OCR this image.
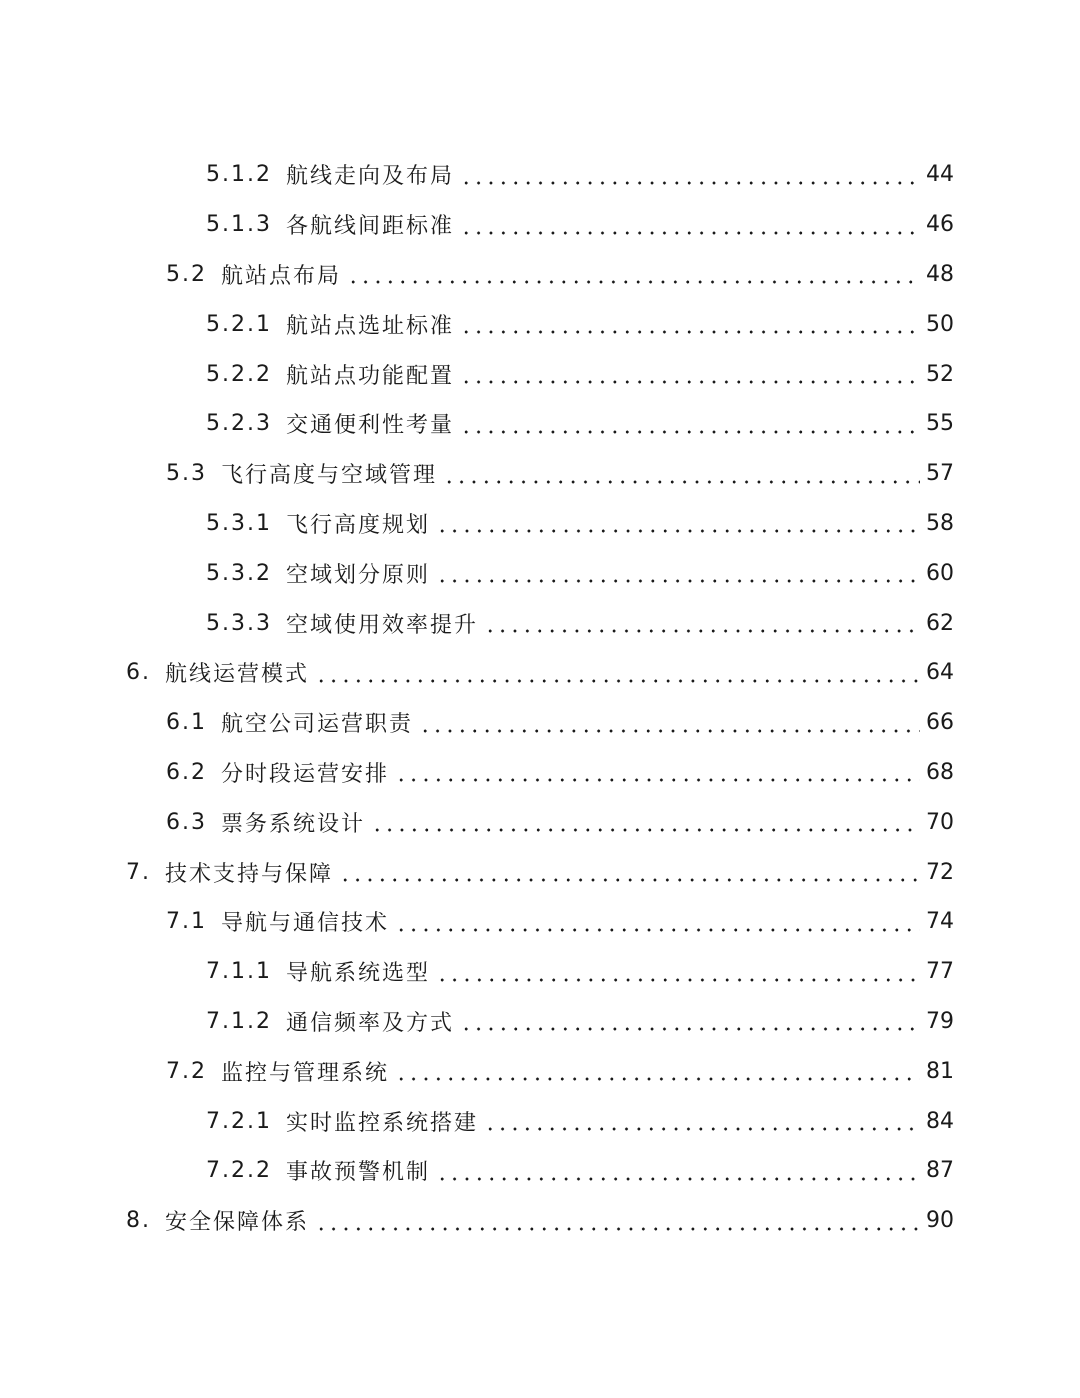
5.1.2 航线走向及布局	44
5.1.3 各航线间距标准	46
5.2 航站点布局	48
5.2.1 航站点选址标准	50
5.2.2 航站点功能配置	52
5.2.3 交通便利性考量	55
5.3 飞行高度与空域管理	57
5.3.1 飞行高度规划	58
5.3.2 空域划分原则	60
5.3.3 空域使用效率提升	62
6. 航线运营模式	64
6.1 航空公司运营职责	66
6.2 分时段运营安排	68
6.3 票务系统设计	70
7. 技术支持与保障	72
7.1 导航与通信技术	74
7.1.1 导航系统选型	77
7.1.2 通信频率及方式	79
7.2 监控与管理系统	81
7.2.1 实时监控系统搭建	84
7.2.2 事故预警机制	87
8. 安全保障体系	90
